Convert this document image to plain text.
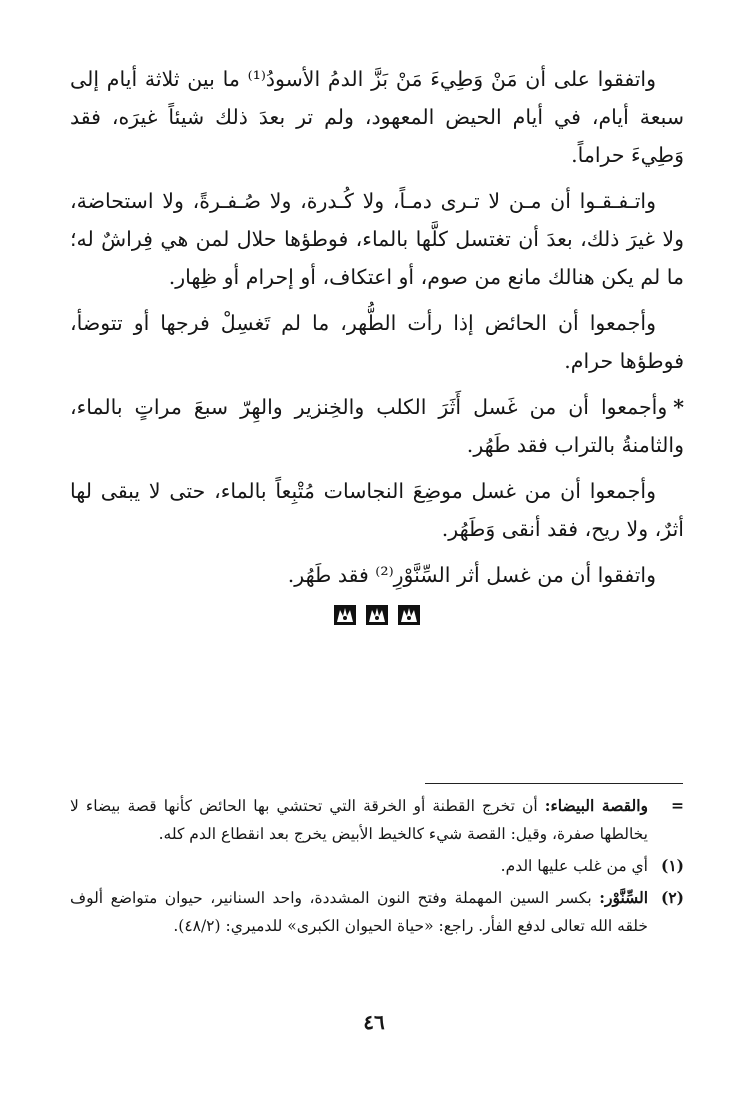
واتفقوا على أن مَنْ وَطِيءَ مَنْ بَزَّ الدمُ الأسودُ⁽¹⁾ ما بين ثلاثة أيام إلى سبعة أيام، في أيام الحيض المعهود، ولم تر بعدَ ذلك شيئاً غيرَه، فقد وَطِيءَ حراماً.

واتـفـقـوا أن مـن لا تـرى دمـاً، ولا كُـدرة، ولا صُـفـرةً، ولا استحاضة، ولا غيرَ ذلك، بعدَ أن تغتسل كلَّها بالماء، فوطؤها حلال لمن هي فِراشٌ له؛ ما لم يكن هنالك مانع من صوم، أو اعتكاف، أو إحرام أو ظِهار.

وأجمعوا أن الحائض إذا رأت الطُّهر، ما لم تَغسِلْ فرجها أو تتوضأ، فوطؤها حرام.

*وأجمعوا أن من غَسل أَثَرَ الكلب والخِنزير والهِرّ سبعَ مراتٍ بالماء، والثامنةُ بالتراب فقد طَهُر.

وأجمعوا أن من غسل موضِعَ النجاسات مُتْبِعاً بالماء، حتى لا يبقى لها أثرٌ، ولا ريح، فقد أنقى وَطَهُر.

واتفقوا أن من غسل أثر السِّنَّوْرِ⁽²⁾ فقد طَهُر.

=
والقصة البيضاء: أن تخرج القطنة أو الخرقة التي تحتشي بها الحائض كأنها قصة بيضاء لا يخالطها صفرة، وقيل: القصة شيء كالخيط الأبيض يخرج بعد انقطاع الدم كله.
(١)
أي من غلب عليها الدم.
(٢)
السِّنَّوْر: بكسر السين المهملة وفتح النون المشددة، واحد السنانير، حيوان متواضع ألوف خلقه الله تعالى لدفع الفأر. راجع: «حياة الحيوان الكبرى» للدميري: (٤٨/٢).
٤٦
